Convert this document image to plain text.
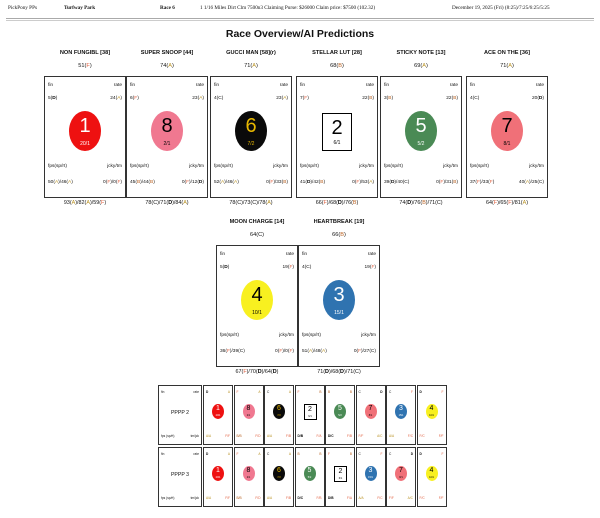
PickPony PPs	Turfway Park	Race 6	1 1/16 Miles Dirt Clm 7500n3 Claiming Purse: $26000 Claim price: $7500 (102.32)	December 19, 2025 (Fri) (8:25)/7:25/6:25/5:25
Race Overview/AI Predictions
NON FUNGIBL [38]
51(F)
fin	rate
5(D)	24(A)
fps(sp/rt)	jcky/tm
50(A)/46(A)	0(F)/0(F)
1
20/1
93(A)/82(A)/59(F)
SUPER SNOOP [44]
74(A)
fin	rate
6(F)	23(A)
fps(sp/rt)	jcky/tm
45(B)/44(B)	0(F)/12(D)
8
2/1
78(C)/71(D)/84(A)
GUCCI MAN [58](r)
71(A)
fin	rate
4(C)	23(A)
fps(sp/rt)	jcky/tm
52(A)/46(A)	0(F)/33(B)
6
7/2
78(C)/73(C)/78(A)
STELLAR LUT [28]
68(B)
fin	rate
7(F)	22(B)
fps(sp/rt)	jcky/tm
41(D)/42(B)	0(F)/53(A)
2
6/1
66(F)/68(D)/76(B)
STICKY NOTE [13]
69(A)
fin	rate
3(B)	22(B)
fps(sp/rt)	jcky/tm
39(D)/40(C)	0(F)/31(B)
5
5/2
74(D)/76(B)/71(C)
ACE ON THE [36]
71(A)
fin	rate
4(C)	20(D)
fps(sp/rt)	jcky/tm
37(F)/33(F)	40(A)/25(C)
7
8/1
64(F)/65(F)/81(A)
MOON CHARGE [14]
64(C)
fin	rate
5(D)	19(F)
fps(sp/rt)	jcky/tm
36(F)/39(C)	0(F)/0(F)
4
10/1
67(F)/70(D)/64(D)
HEARTBREAK [19]
66(B)
fin	rate
4(C)	19(F)
fps(sp/rt)	jcky/tm
51(A)/48(A)	0(F)/27(C)
3
15/1
71(D)/68(D)/71(C)
fin	rate
fps (sp/rt)	tm/jck
PPPP 2
D	A
A/A	F/F
1
20/1
F	A
B/B	F/D
8
2/1
C	A
A/A	F/B
6
7/2
F	B
D/B	F/A
2
6/1
B	B
D/C	F/B
5
5/2
C	D
F/F	A/C
7
8/1
C	F
A/A	F/C
3
15/1
D	F
F/C	F/F
4
10/1
fin	rate
fps (sp/rt)	tm/jck
PPPP 3
D	A
A/A	F/F
1
20/1
F	A
B/B	F/D
8
2/1
C	A
A/A	F/B
6
7/2
B	B
D/C	F/B
5
5/2
F	B
D/B	F/A
2
6/1
C	F
A/A	F/C
3
15/1
C	D
F/F	A/C
7
8/1
D	F
F/C	F/F
4
10/1
